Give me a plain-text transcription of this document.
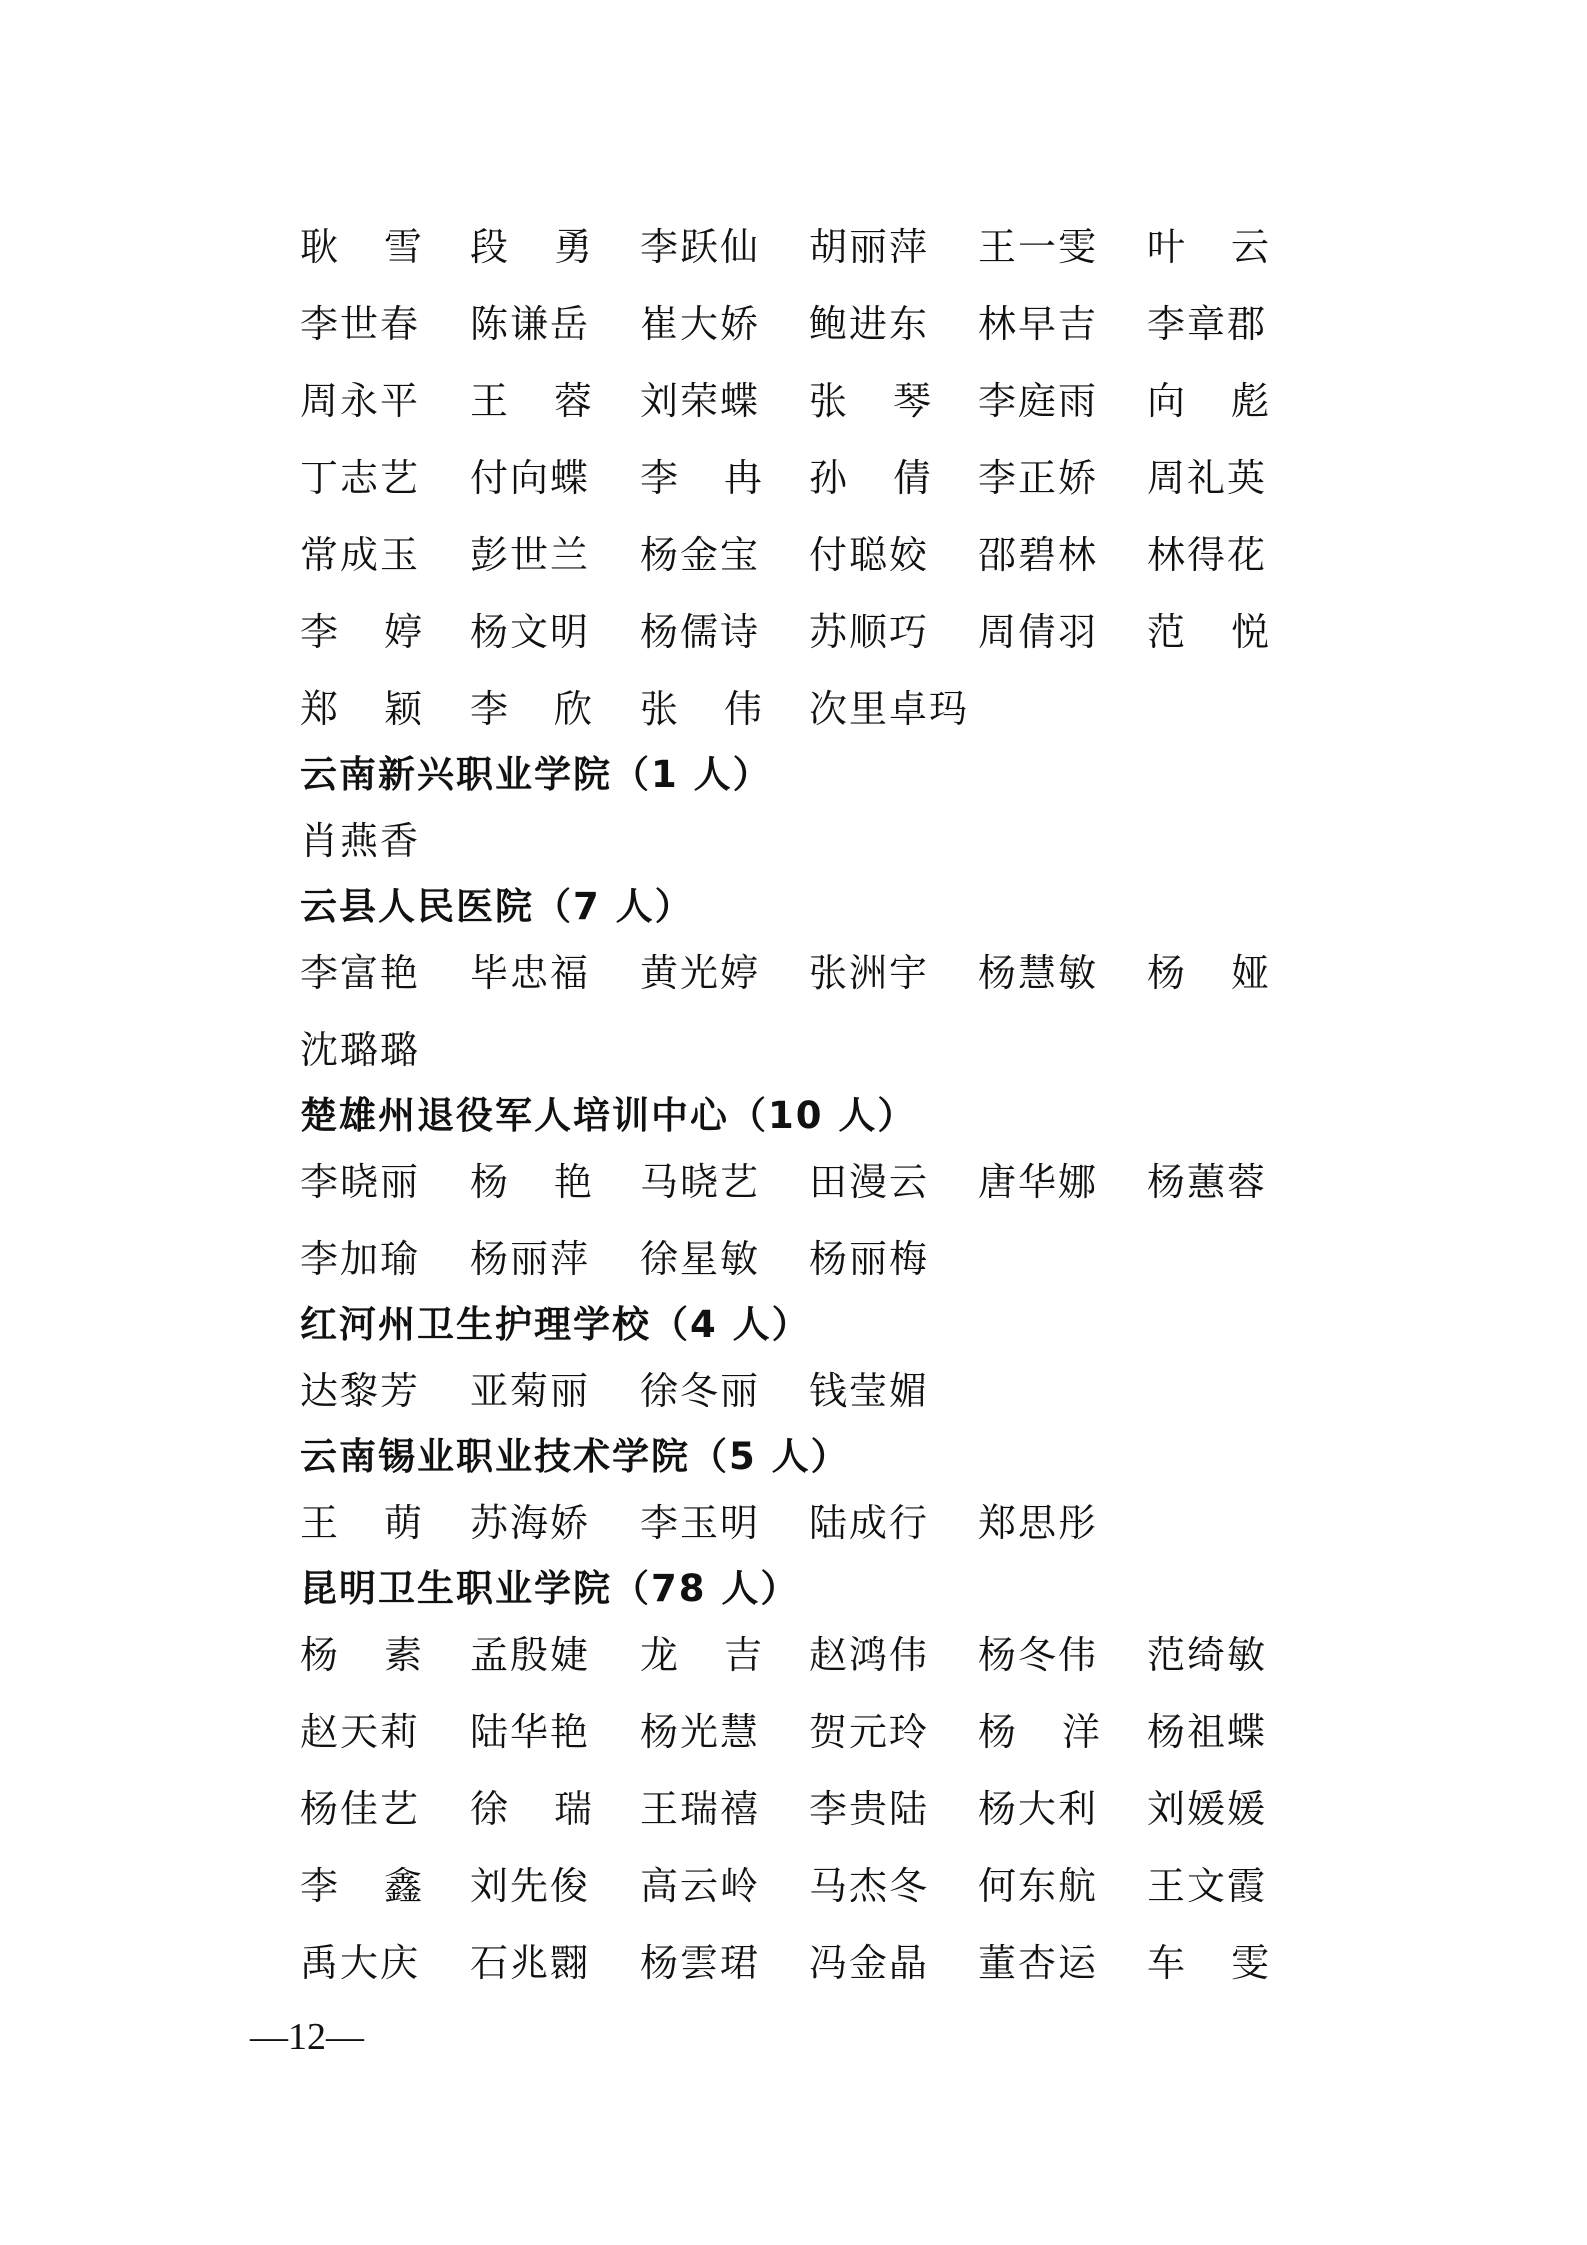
耿 雪 段 勇 李跃仙 胡丽萍 王一雯 叶 云
李世春 陈谦岳 崔大娇 鲍进东 林早吉 李章郡
周永平 王 蓉 刘荣蝶 张 琴 李庭雨 向 彪
丁志艺 付向蝶 李 冉 孙 倩 李正娇 周礼英
常成玉 彭世兰 杨金宝 付聪姣 邵碧林 林得花
李 婷 杨文明 杨儒诗 苏顺巧 周倩羽 范 悦
郑 颖 李 欣 张 伟 次里卓玛
云南新兴职业学院（1 人）
肖燕香
云县人民医院（7 人）
李富艳 毕忠福 黄光婷 张洲宇 杨慧敏 杨 娅
沈璐璐
楚雄州退役军人培训中心（10 人）
李晓丽 杨 艳 马晓艺 田漫云 唐华娜 杨蕙蓉
李加瑜 杨丽萍 徐星敏 杨丽梅
红河州卫生护理学校（4 人）
达黎芳 亚菊丽 徐冬丽 钱莹媚
云南锡业职业技术学院（5 人）
王 萌 苏海娇 李玉明 陆成行 郑思彤
昆明卫生职业学院（78 人）
杨 素 孟殷婕 龙 吉 赵鸿伟 杨冬伟 范绮敏
赵天莉 陆华艳 杨光慧 贺元玲 杨 洋 杨祖蝶
杨佳艺 徐 瑞 王瑞禧 李贵陆 杨大利 刘媛媛
李 鑫 刘先俊 高云岭 马杰冬 何东航 王文霞
禹大庆 石兆翾 杨雲珺 冯金晶 董杏运 车 雯
—12—
